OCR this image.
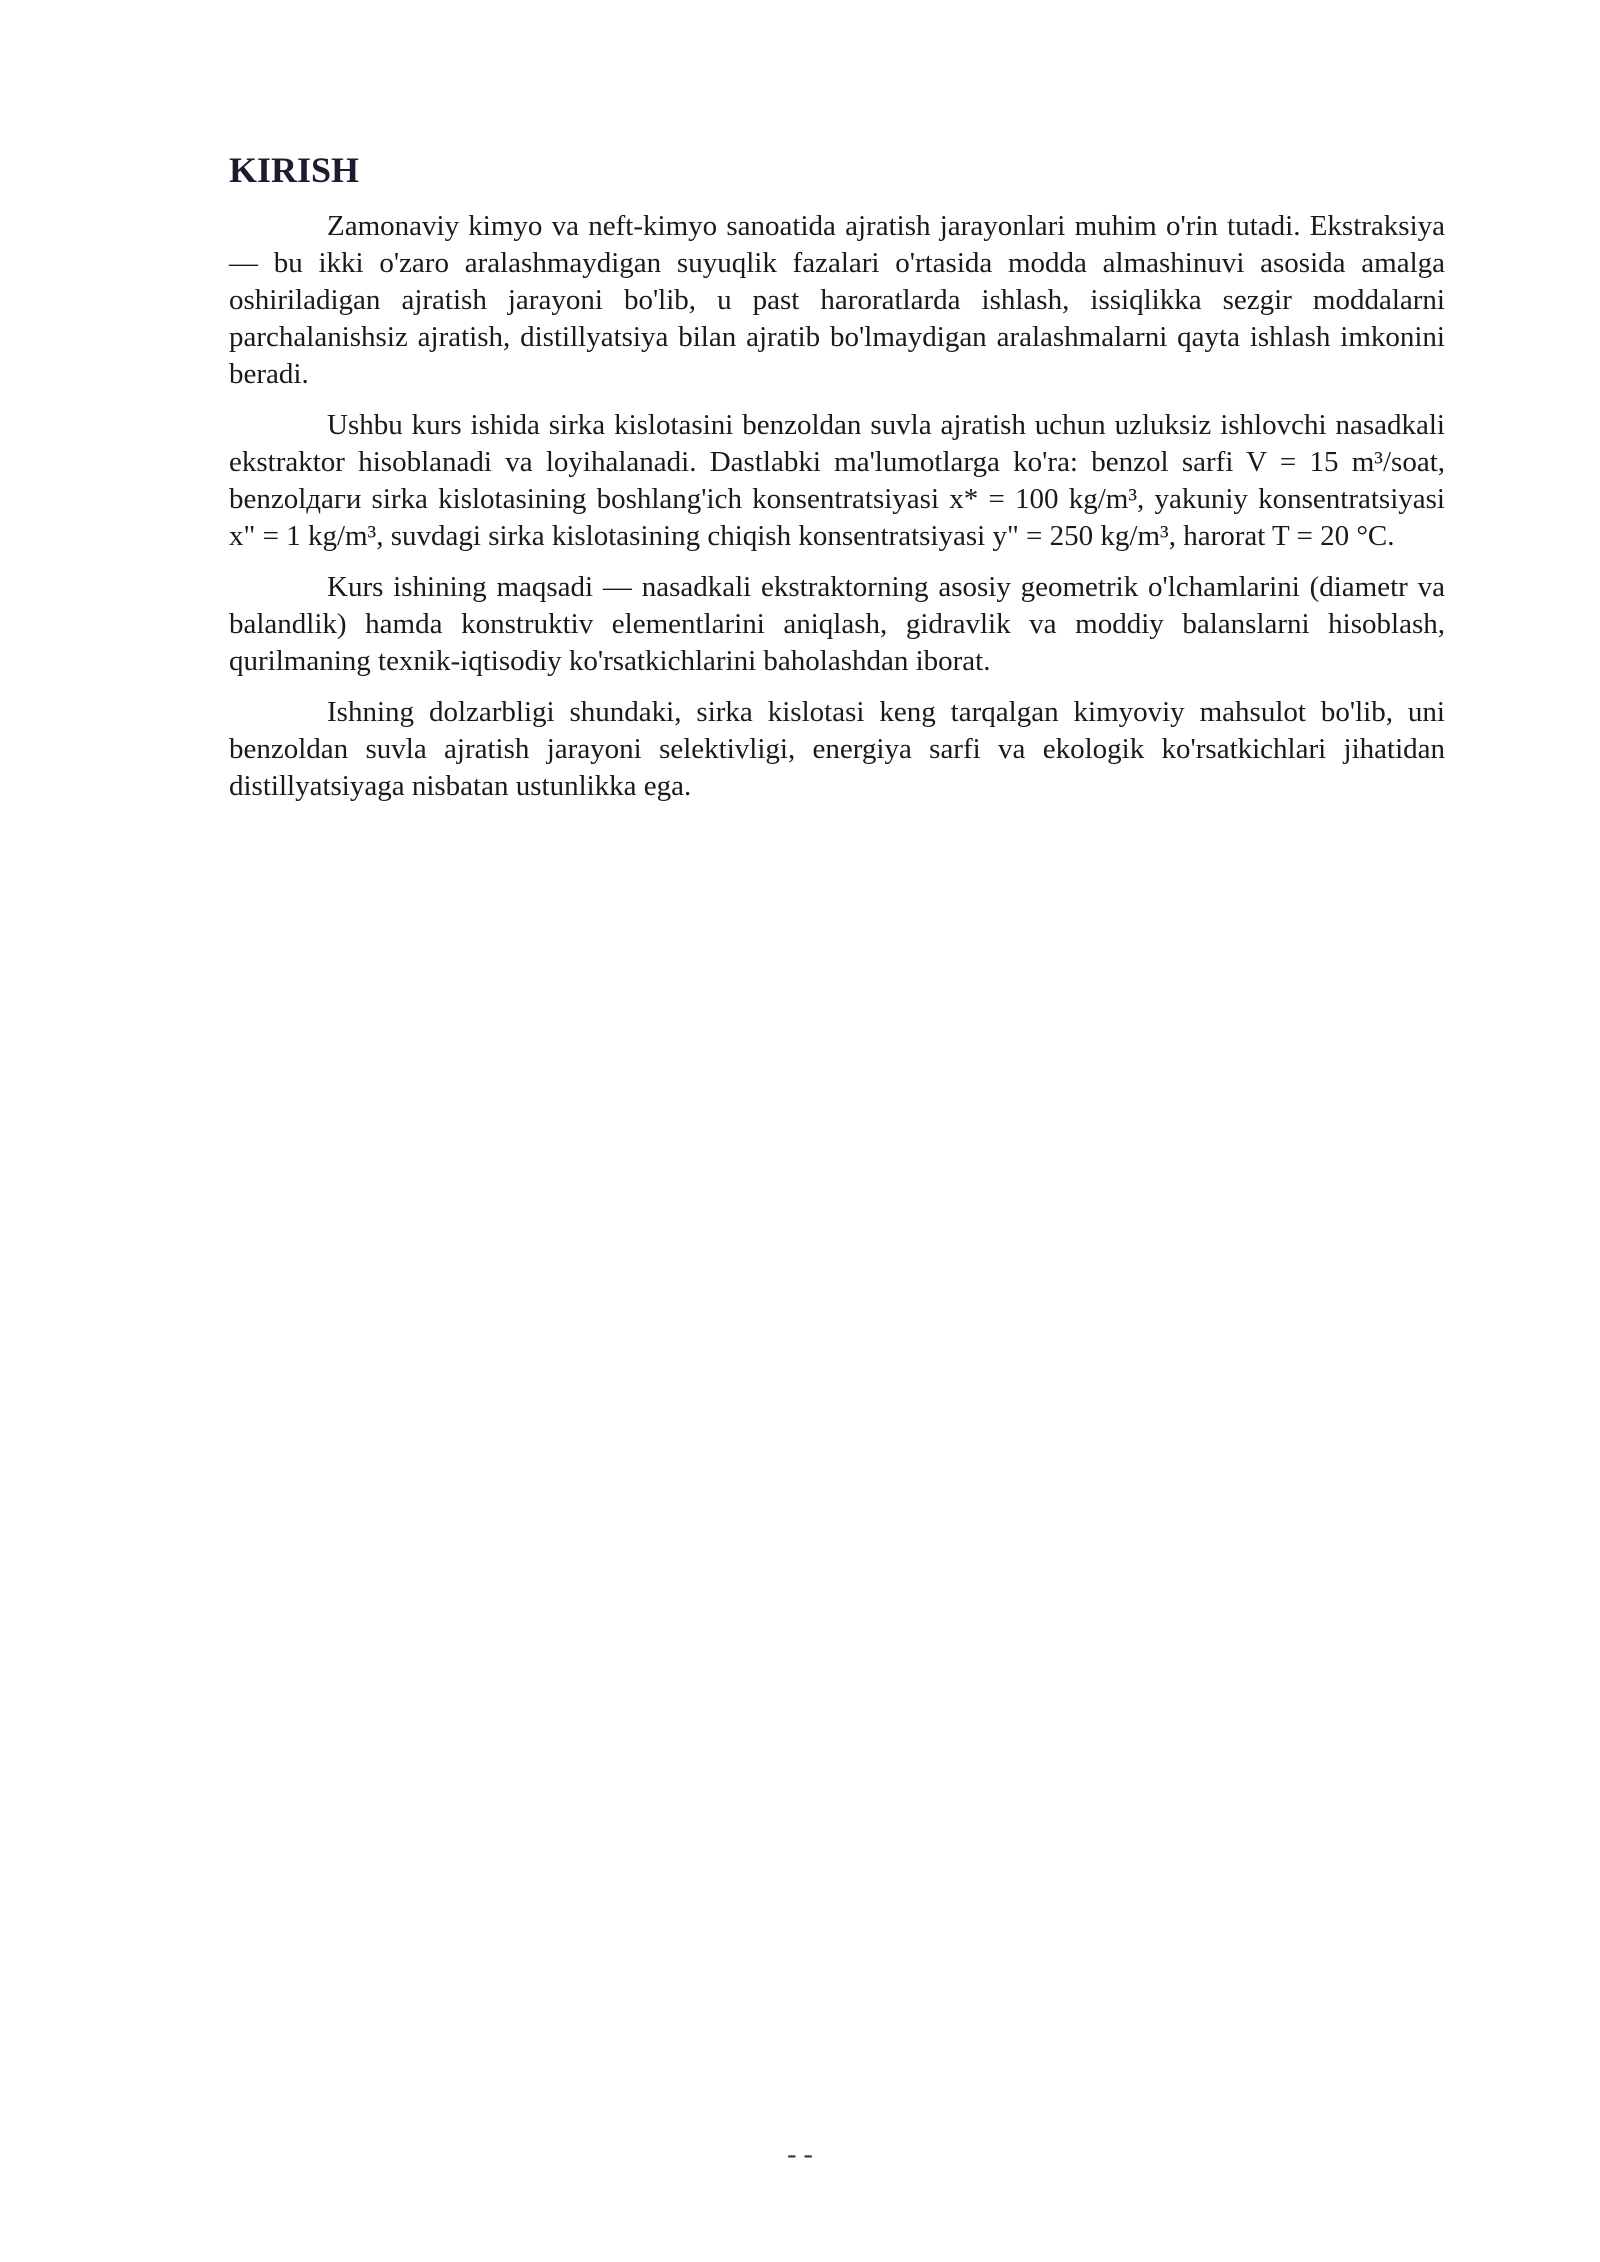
KIRISH

Zamonaviy kimyo va neft-kimyo sanoatida ajratish jarayonlari muhim o'rin tutadi. Ekstraksiya — bu ikki o'zaro aralashmaydigan suyuqlik fazalari o'rtasida modda almashinuvi asosida amalga oshiriladigan ajratish jarayoni bo'lib, u past haroratlarda ishlash, issiqlikka sezgir moddalarni parchalanishsiz ajratish, distillyatsiya bilan ajratib bo'lmaydigan aralashmalarni qayta ishlash imkonini beradi.

Ushbu kurs ishida sirka kislotasini benzoldan suvla ajratish uchun uzluksiz ishlovchi nasadkali ekstraktor hisoblanadi va loyihalanadi. Dastlabki ma'lumotlarga ko'ra: benzol sarfi V = 15 m³/soat, benzolдаги sirka kislotasining boshlang'ich konsentratsiyasi x* = 100 kg/m³, yakuniy konsentratsiyasi x" = 1 kg/m³, suvdagi sirka kislotasining chiqish konsentratsiyasi y" = 250 kg/m³, harorat T = 20 °C.

Kurs ishining maqsadi — nasadkali ekstraktorning asosiy geometrik o'lchamlarini (diametr va balandlik) hamda konstruktiv elementlarini aniqlash, gidravlik va moddiy balanslarni hisoblash, qurilmaning texnik-iqtisodiy ko'rsatkichlarini baholashdan iborat.

Ishning dolzarbligi shundaki, sirka kislotasi keng tarqalgan kimyoviy mahsulot bo'lib, uni benzoldan suvla ajratish jarayoni selektivligi, energiya sarfi va ekologik ko'rsatkichlari jihatidan distillyatsiyaga nisbatan ustunlikka ega.

- -
